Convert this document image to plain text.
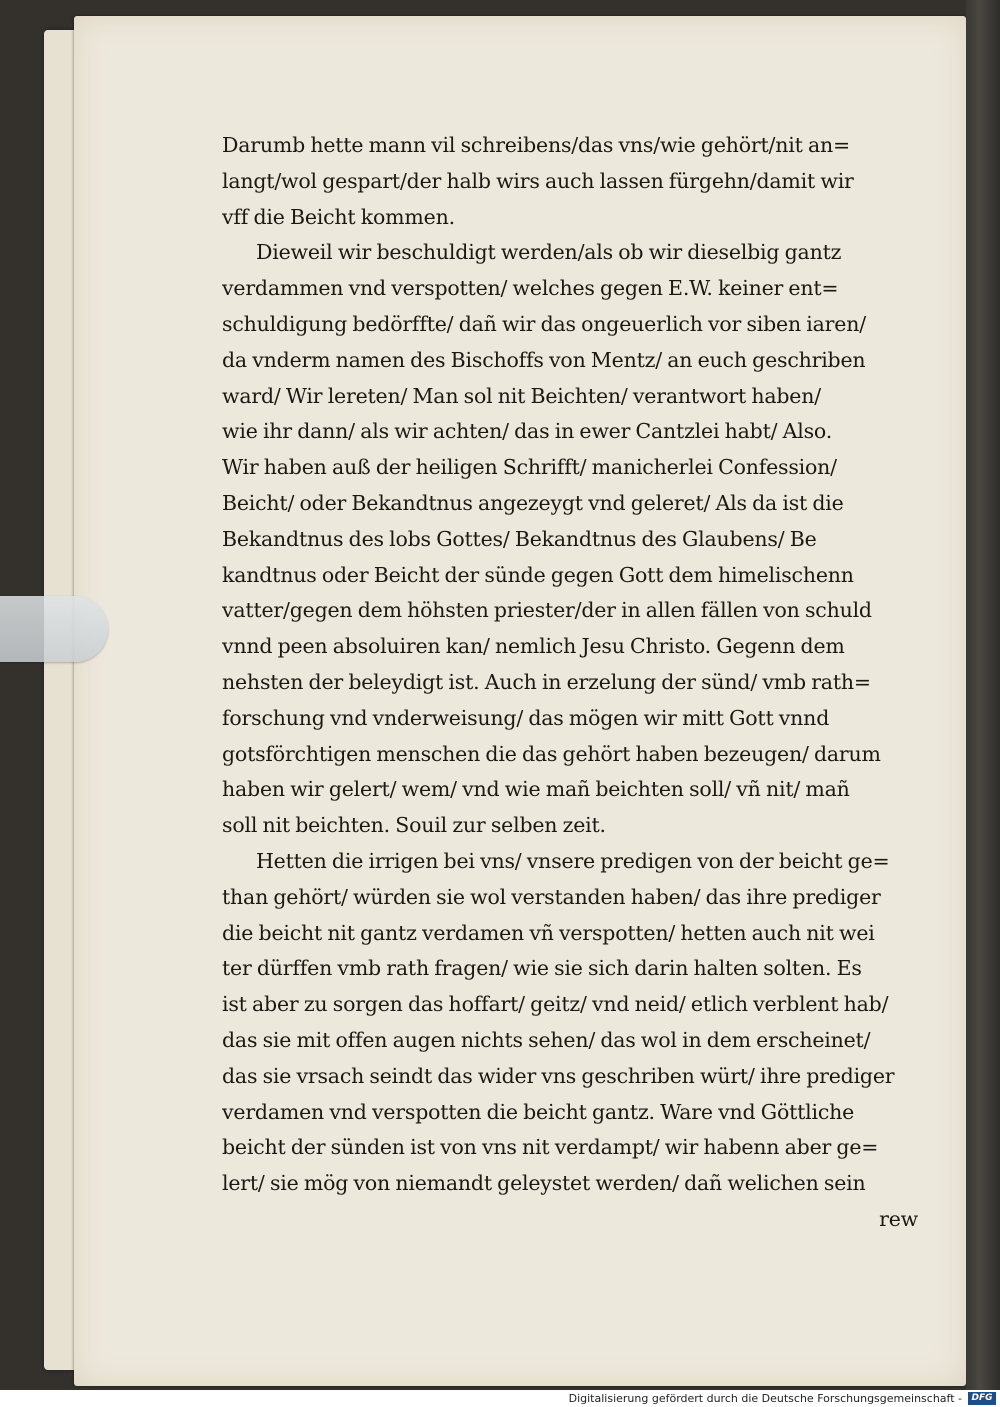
Darumb hette mann vil schreibens/das vns/wie gehört/nit an=
langt/wol gespart/der halb wirs auch lassen fürgehn/damit wir
vff die Beicht kommen.
Dieweil wir beschuldigt werden/als ob wir dieselbig gantz
verdammen vnd verspotten/ welches gegen E.W. keiner ent=
schuldigung bedörffte/ dañ wir das ongeuerlich vor siben iaren/
da vnderm namen des Bischoffs von Mentz/ an euch geschriben
ward/ Wir lereten/ Man sol nit Beichten/ verantwort haben/
wie ihr dann/ als wir achten/ das in ewer Cantzlei habt/ Also.
Wir haben auß der heiligen Schrifft/ manicherlei Confession/
Beicht/ oder Bekandtnus angezeygt vnd geleret/ Als da ist die
Bekandtnus des lobs Gottes/ Bekandtnus des Glaubens/ Be
kandtnus oder Beicht der sünde gegen Gott dem himelischenn
vatter/gegen dem höhsten priester/der in allen fällen von schuld
vnnd peen absoluiren kan/ nemlich Jesu Christo. Gegenn dem
nehsten der beleydigt ist. Auch in erzelung der sünd/ vmb rath=
forschung vnd vnderweisung/ das mögen wir mitt Gott vnnd
gotsförchtigen menschen die das gehört haben bezeugen/ darum
haben wir gelert/ wem/ vnd wie mañ beichten soll/ vñ nit/ mañ
soll nit beichten. Souil zur selben zeit.
Hetten die irrigen bei vns/ vnsere predigen von der beicht ge=
than gehört/ würden sie wol verstanden haben/ das ihre prediger
die beicht nit gantz verdamen vñ verspotten/ hetten auch nit wei
ter dürffen vmb rath fragen/ wie sie sich darin halten solten. Es
ist aber zu sorgen das hoffart/ geitz/ vnd neid/ etlich verblent hab/
das sie mit offen augen nichts sehen/ das wol in dem erscheinet/
das sie vrsach seindt das wider vns geschriben würt/ ihre prediger
verdamen vnd verspotten die beicht gantz. Ware vnd Göttliche
beicht der sünden ist von vns nit verdampt/ wir habenn aber ge=
lert/ sie mög von niemandt geleystet werden/ dañ welichen sein
rew
Digitalisierung gefördert durch die Deutsche Forschungsgemeinschaft -	DFG
